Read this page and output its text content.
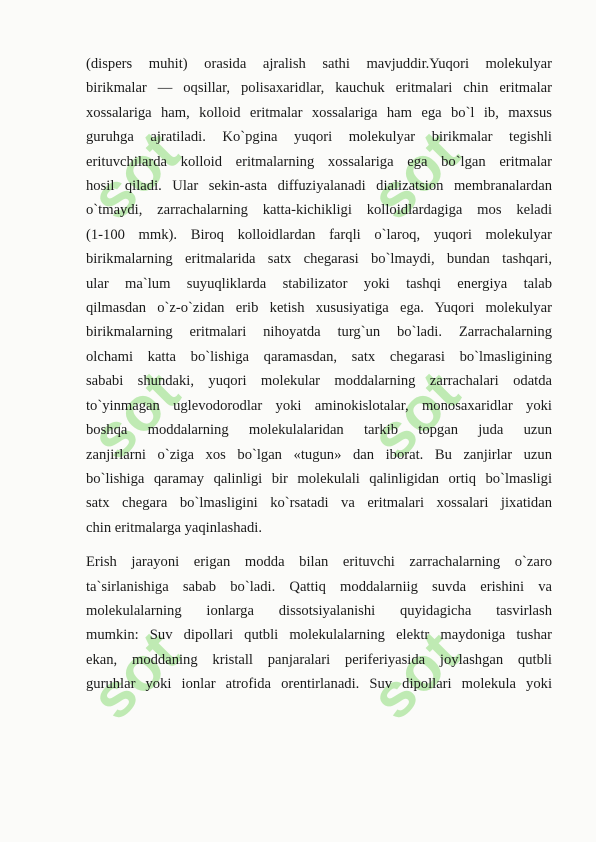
sot	sot
sot	sot
sot	sot

(dispers muhit) orasida ajralish sathi mavjuddir.Yuqori molekulyar
birikmalar — oqsillar, polisaxaridlar, kauchuk eritmalari chin eritmalar
xossalariga ham, kolloid eritmalar xossalariga ham ega bo`l ib, maxsus
guruhga ajratiladi. Ko`pgina yuqori molekulyar birikmalar tegishli
erituvchilarda kolloid eritmalarning xossalariga ega bo`lgan eritmalar
hosil qiladi. Ular sekin-asta diffuziyalanadi dializatsion membranalardan
o`tmaydi, zarrachalarning katta-kichikligi kolloidlardagiga mos keladi
(1-100 mmk). Biroq kolloidlardan farqli o`laroq, yuqori molekulyar
birikmalarning eritmalarida satx chegarasi bo`lmaydi, bundan tashqari,
ular ma`lum suyuqliklarda stabilizator yoki tashqi energiya talab
qilmasdan o`z-o`zidan erib ketish xususiyatiga ega. Yuqori molekulyar
birikmalarning eritmalari nihoyatda turg`un bo`ladi. Zarrachalarning
olchami katta bo`lishiga qaramasdan, satx chegarasi bo`lmasligining
sababi shundaki, yuqori molekular moddalarning zarrachalari odatda
to`yinmagan uglevodorodlar yoki aminokislotalar, monosaxaridlar yoki
boshqa moddalarning molekulalaridan tarkib topgan juda uzun
zanjirlarni o`ziga xos bo`lgan «tugun» dan iborat. Bu zanjirlar uzun
bo`lishiga qaramay qalinligi bir molekulali qalinligidan ortiq bo`lmasligi
satx chegara bo`lmasligini ko`rsatadi va eritmalari xossalari jixatidan
chin eritmalarga yaqinlashadi.

Erish jarayoni erigan modda bilan erituvchi zarrachalarning o`zaro
ta`sirlanishiga sabab bo`ladi. Qattiq moddalarniig suvda erishini va
molekulalarning ionlarga dissotsiyalanishi quyidagicha tasvirlash
mumkin: Suv dipollari qutbli molekulalarning elektr maydoniga tushar
ekan, moddaning kristall panjaralari periferiyasida joylashgan qutbli
guruhlar yoki ionlar atrofida orentirlanadi. Suv dipollari molekula yoki
